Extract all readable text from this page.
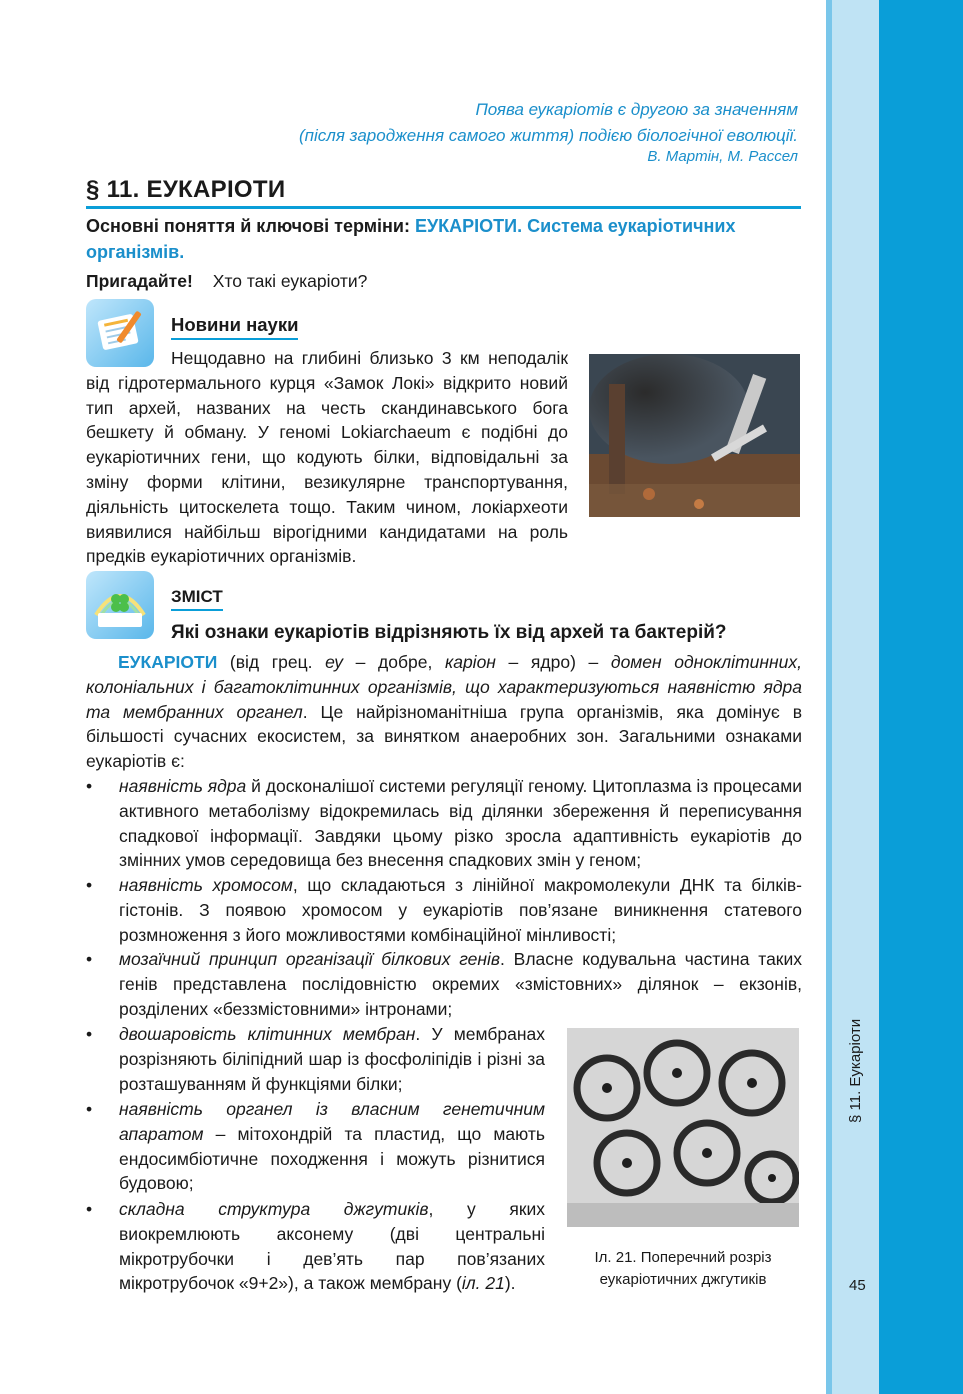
§ 11. Еукаріоти
45
Поява еукаріотів є другою за значенням
(після зародження самого життя) подією біологічної еволюції.
В. Мартін, М. Рассел
§ 11. ЕУКАРІОТИ
Основні поняття й ключові терміни: ЕУКАРІОТИ. Система еукаріотичних організмів.
Пригадайте! Хто такі еукаріоти?
Новини науки
Нещодавно на глибині близько 3 км неподалік від гідротермального курця «Замок Локі» відкрито новий тип архей, названих на честь скандинавського бога бешкету й обману. У геномі Lokiarchaeum є подібні до еукаріотичних гени, що кодують білки, відповідальні за зміну форми клітини, везикулярне транспортування, діяльність цитоскелета тощо. Таким чином, локіархеоти виявилися найбільш вірогідними кандидатами на роль предків еукаріотичних організмів.
ЗМІСТ
Які ознаки еукаріотів відрізняють їх від архей та бактерій?
ЕУКАРІОТИ (від грец. еу – добре, каріон – ядро) – домен одноклітинних, колоніальних і багатоклітинних організмів, що характеризуються наявністю ядра та мембранних органел. Це найрізноманітніша група організмів, яка домінує в більшості сучасних екосистем, за винятком анаеробних зон. Загальними ознаками еукаріотів є:
•	наявність ядра й досконалішої системи регуляції геному. Цитоплазма із процесами активного метаболізму відокремилась від ділянки збереження й переписування спадкової інформації. Завдяки цьому різко зросла адаптивність еукаріотів до змінних умов середовища без внесення спадкових змін у геном;
•	наявність хромосом, що складаються з лінійної макромолекули ДНК та білків-гістонів. З появою хромосом у еукаріотів пов’язане виникнення статевого розмноження з його можливостями комбінаційної мінливості;
•	мозаїчний принцип організації білкових генів. Власне кодувальна частина таких генів представлена послідовністю окремих «змістовних» ділянок – екзонів, розділених «беззмістовними» інтронами;
•	двошаровість клітинних мембран. У мембранах розрізняють біліпідний шар із фосфоліпідів і різні за розташуванням й функціями білки;
•	наявність органел із власним генетичним апаратом – мітохондрій та пластид, що мають ендосимбіотичне походження і можуть різнитися будовою;
•	складна структура джгутиків, у яких виокремлюють аксонему (дві центральні мікротрубочки і дев’ять пар пов’язаних мікротрубочок «9+2»), а також мембрану (іл. 21).
Іл. 21. Поперечний розріз еукаріотичних джгутиків
